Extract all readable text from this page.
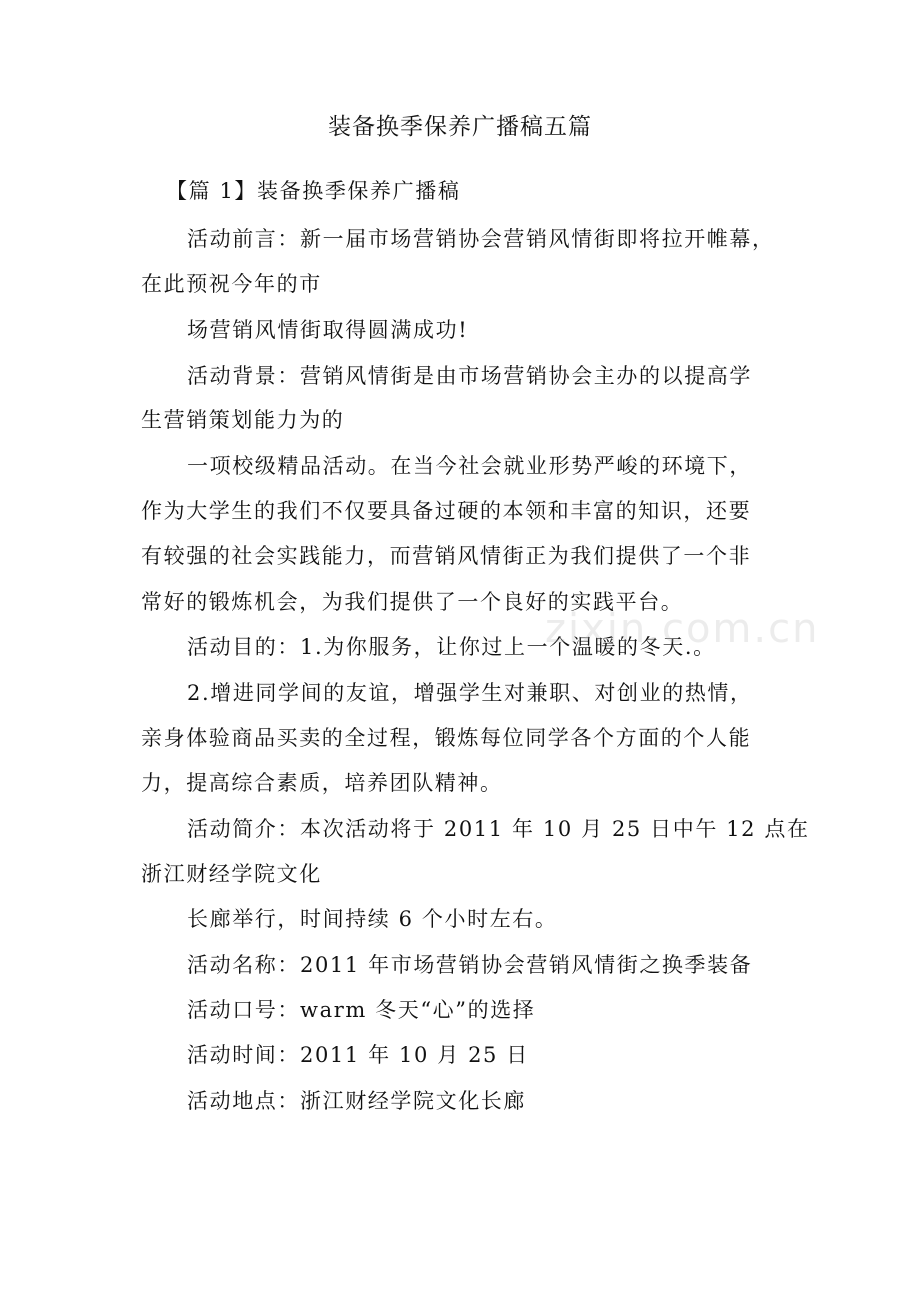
装备换季保养广播稿五篇
【篇 1】装备换季保养广播稿
活动前言：新一届市场营销协会营销风情街即将拉开帷幕，
在此预祝今年的市
场营销风情街取得圆满成功!
活动背景：营销风情街是由市场营销协会主办的以提高学
生营销策划能力为的
一项校级精品活动。在当今社会就业形势严峻的环境下，
作为大学生的我们不仅要具备过硬的本领和丰富的知识，还要
有较强的社会实践能力，而营销风情街正为我们提供了一个非
常好的锻炼机会，为我们提供了一个良好的实践平台。
活动目的：1.为你服务，让你过上一个温暖的冬天.。
2.增进同学间的友谊，增强学生对兼职、对创业的热情，
亲身体验商品买卖的全过程，锻炼每位同学各个方面的个人能
力，提高综合素质，培养团队精神。
活动简介：本次活动将于 2011 年 10 月 25 日中午 12 点在
浙江财经学院文化
长廊举行，时间持续 6 个小时左右。
活动名称：2011 年市场营销协会营销风情街之换季装备
活动口号：warm 冬天“心”的选择
活动时间：2011 年 10 月 25 日
活动地点：浙江财经学院文化长廊
zixin.com.cn
